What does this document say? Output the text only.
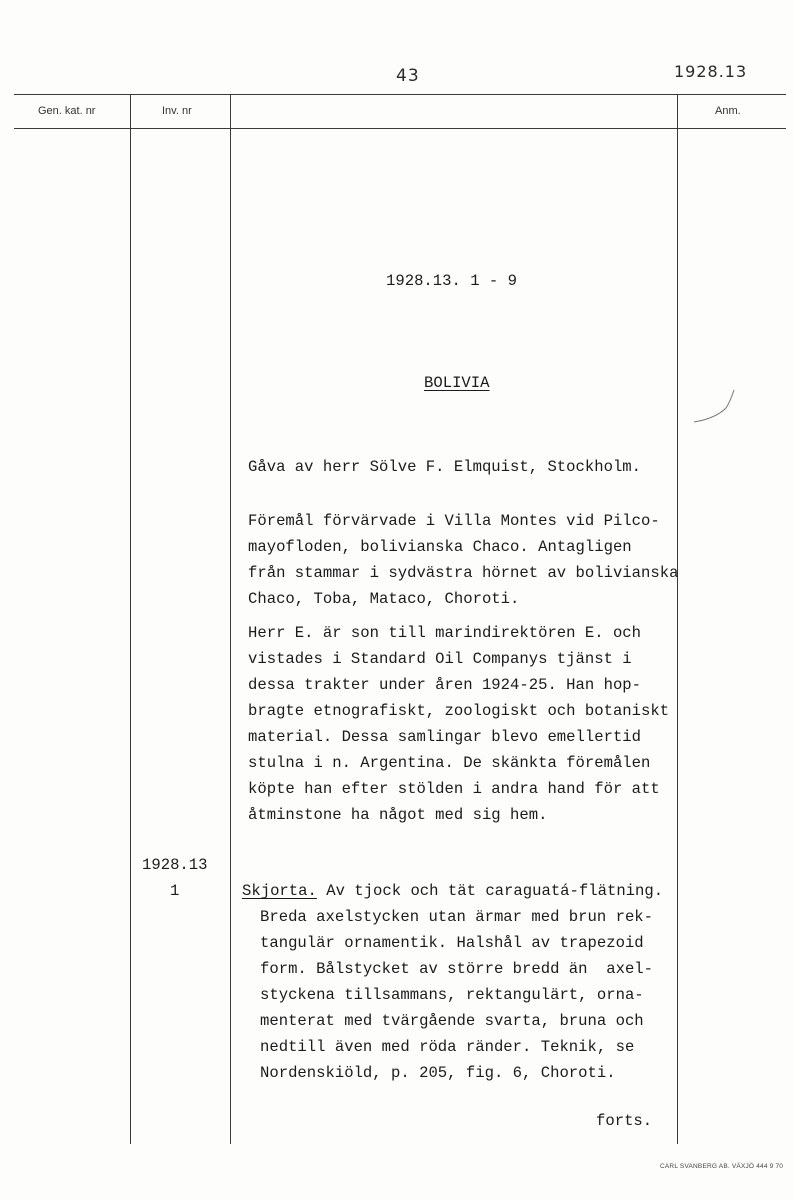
43	1928.13
Gen. kat. nr	Inv. nr	Anm.
1928.13. 1 - 9
BOLIVIA
Gåva av herr Sölve F. Elmquist, Stockholm.
Föremål förvärvade i Villa Montes vid Pilco-
mayofloden, bolivianska Chaco. Antagligen
från stammar i sydvästra hörnet av bolivianska
Chaco, Toba, Mataco, Choroti.
Herr E. är son till marindirektören E. och
vistades i Standard Oil Companys tjänst i
dessa trakter under åren 1924-25. Han hop-
bragte etnografiskt, zoologiskt och botaniskt
material. Dessa samlingar blevo emellertid
stulna i n. Argentina. De skänkta föremålen
köpte han efter stölden i andra hand för att
åtminstone ha något med sig hem.
1928.13
1	Skjorta. Av tjock och tät caraguatá-flätning.
Breda axelstycken utan ärmar med brun rek-
tangulär ornamentik. Halshål av trapezoid
form. Bålstycket av större bredd än  axel-
styckena tillsammans, rektangulärt, orna-
menterat med tvärgående svarta, bruna och
nedtill även med röda ränder. Teknik, se
Nordenskiöld, p. 205, fig. 6, Choroti.
forts.
CARL SVANBERG AB. VÄXJÖ 444 9 70
